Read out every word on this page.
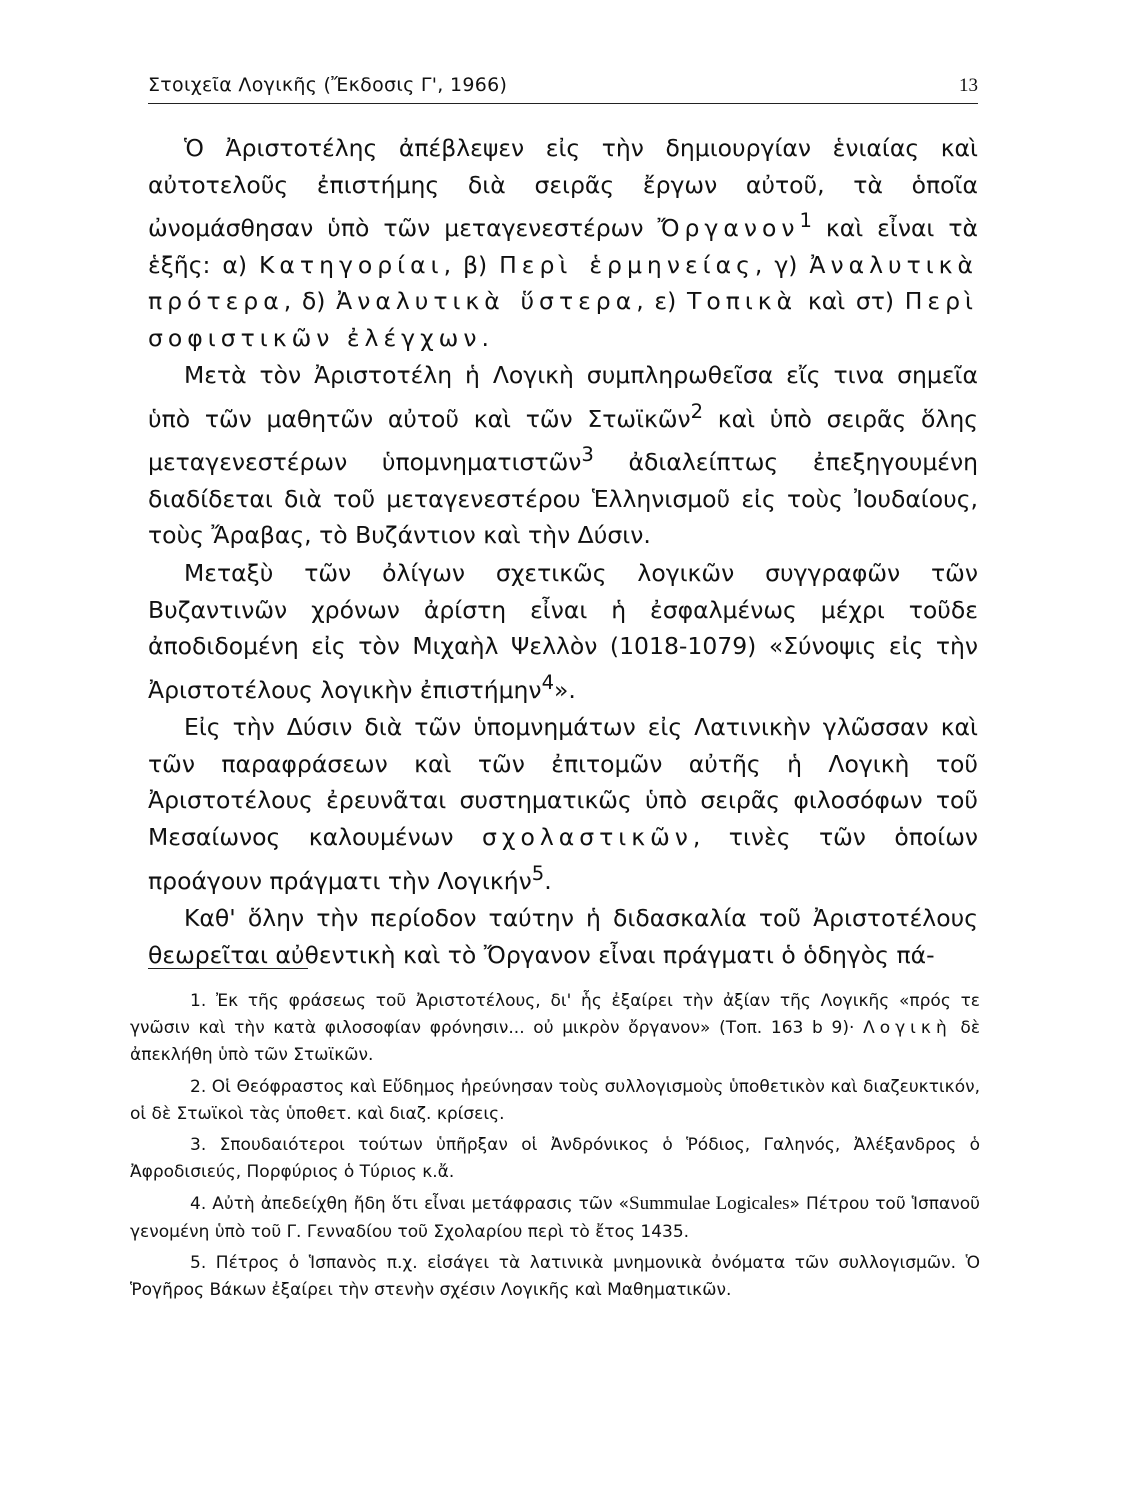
Στοιχεῖα Λογικῆς (Ἔκδοσις Γ', 1966)	13

Ὁ Ἀριστοτέλης ἀπέβλεψεν εἰς τὴν δημιουργίαν ἑνιαίας καὶ αὐτοτελοῦς ἐπιστήμης διὰ σειρᾶς ἔργων αὐτοῦ, τὰ ὁποῖα ὠνομάσθησαν ὑπὸ τῶν μεταγενεστέρων Ὄργανον$^1$ καὶ εἶναι τὰ ἑξῆς: α) Κατηγορίαι, β) Περὶ ἑρμηνείας, γ) Ἀναλυτικὰ πρότερα, δ) Ἀναλυτικὰ ὕστερα, ε) Τοπικὰ καὶ στ) Περὶ σοφιστικῶν ἐλέγχων.

Μετὰ τὸν Ἀριστοτέλη ἡ Λογικὴ συμπληρωθεῖσα εἴς τινα σημεῖα ὑπὸ τῶν μαθητῶν αὐτοῦ καὶ τῶν Στωϊκῶν$^2$ καὶ ὑπὸ σειρᾶς ὅλης μεταγενεστέρων ὑπομνηματιστῶν$^3$ ἀδιαλείπτως ἐπεξηγουμένη διαδίδεται διὰ τοῦ μεταγενεστέρου Ἑλληνισμοῦ εἰς τοὺς Ἰουδαίους, τοὺς Ἄραβας, τὸ Βυζάντιον καὶ τὴν Δύσιν.

Μεταξὺ τῶν ὀλίγων σχετικῶς λογικῶν συγγραφῶν τῶν Βυζαντινῶν χρόνων ἀρίστη εἶναι ἡ ἐσφαλμένως μέχρι τοῦδε ἀποδιδομένη εἰς τὸν Μιχαὴλ Ψελλὸν (1018-1079) «Σύνοψις εἰς τὴν Ἀριστοτέλους λογικὴν ἐπιστήμην$^4$».

Εἰς τὴν Δύσιν διὰ τῶν ὑπομνημάτων εἰς Λατινικὴν γλῶσσαν καὶ τῶν παραφράσεων καὶ τῶν ἐπιτομῶν αὐτῆς ἡ Λογικὴ τοῦ Ἀριστοτέλους ἐρευνᾶται συστηματικῶς ὑπὸ σειρᾶς φιλοσόφων τοῦ Μεσαίωνος καλουμένων σχολαστικῶν, τινὲς τῶν ὁποίων προάγουν πράγματι τὴν Λογικήν$^5$.

Καθ' ὅλην τὴν περίοδον ταύτην ἡ διδασκαλία τοῦ Ἀριστοτέλους θεωρεῖται αὐθεντικὴ καὶ τὸ Ὄργανον εἶναι πράγματι ὁ ὁδηγὸς πά-

1. Ἐκ τῆς φράσεως τοῦ Ἀριστοτέλους, δι' ἧς ἐξαίρει τὴν ἀξίαν τῆς Λογικῆς «πρός τε γνῶσιν καὶ τὴν κατὰ φιλοσοφίαν φρόνησιν... οὐ μικρὸν ὄργανον» (Τοπ. 163 b 9)· Λογικὴ δὲ ἀπεκλήθη ὑπὸ τῶν Στωϊκῶν.

2. Οἱ Θεόφραστος καὶ Εὔδημος ἠρεύνησαν τοὺς συλλογισμοὺς ὑποθετικὸν καὶ διαζευκτικόν, οἱ δὲ Στωϊκοὶ τὰς ὑποθετ. καὶ διαζ. κρίσεις.

3. Σπουδαιότεροι τούτων ὑπῆρξαν οἱ Ἀνδρόνικος ὁ Ῥόδιος, Γαληνός, Ἀλέξανδρος ὁ Ἀφροδισιεύς, Πορφύριος ὁ Τύριος κ.ἄ.

4. Αὐτὴ ἀπεδείχθη ἤδη ὅτι εἶναι μετάφρασις τῶν «Summulae Logicales» Πέτρου τοῦ Ἱσπανοῦ γενομένη ὑπὸ τοῦ Γ. Γενναδίου τοῦ Σχολαρίου περὶ τὸ ἔτος 1435.

5. Πέτρος ὁ Ἱσπανὸς π.χ. εἰσάγει τὰ λατινικὰ μνημονικὰ ὀνόματα τῶν συλλογισμῶν. Ὁ Ῥογῆρος Βάκων ἐξαίρει τὴν στενὴν σχέσιν Λογικῆς καὶ Μαθηματικῶν.
